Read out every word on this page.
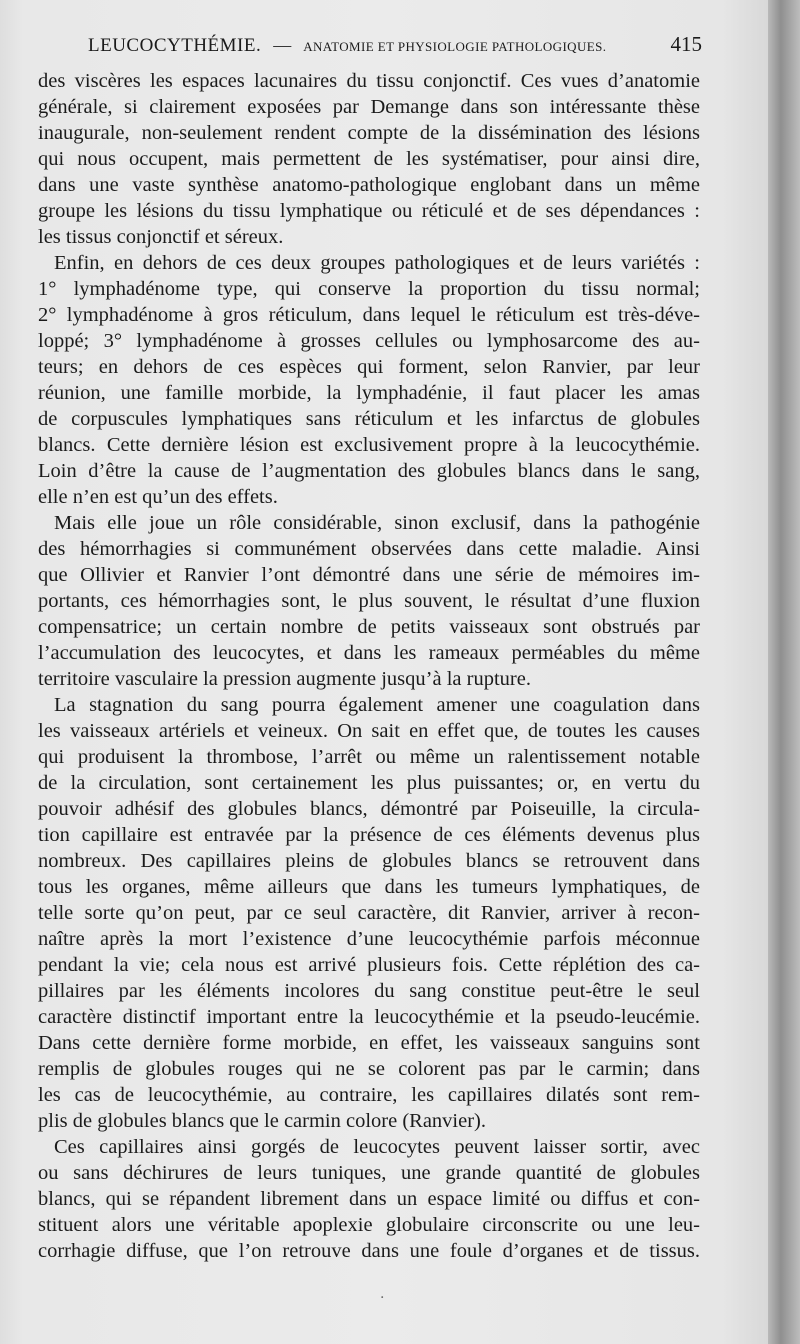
LEUCOCYTHÉMIE. — ANATOMIE ET PHYSIOLOGIE PATHOLOGIQUES.	415
des viscères les espaces lacunaires du tissu conjonctif. Ces vues d’anatomie
générale, si clairement exposées par Demange dans son intéressante thèse
inaugurale, non-seulement rendent compte de la dissémination des lésions
qui nous occupent, mais permettent de les systématiser, pour ainsi dire,
dans une vaste synthèse anatomo-pathologique englobant dans un même
groupe les lésions du tissu lymphatique ou réticulé et de ses dépendances :
les tissus conjonctif et séreux.
Enfin, en dehors de ces deux groupes pathologiques et de leurs variétés :
1° lymphadénome type, qui conserve la proportion du tissu normal;
2° lymphadénome à gros réticulum, dans lequel le réticulum est très-déve-
loppé; 3° lymphadénome à grosses cellules ou lymphosarcome des au-
teurs; en dehors de ces espèces qui forment, selon Ranvier, par leur
réunion, une famille morbide, la lymphadénie, il faut placer les amas
de corpuscules lymphatiques sans réticulum et les infarctus de globules
blancs. Cette dernière lésion est exclusivement propre à la leucocythémie.
Loin d’être la cause de l’augmentation des globules blancs dans le sang,
elle n’en est qu’un des effets.
Mais elle joue un rôle considérable, sinon exclusif, dans la pathogénie
des hémorrhagies si communément observées dans cette maladie. Ainsi
que Ollivier et Ranvier l’ont démontré dans une série de mémoires im-
portants, ces hémorrhagies sont, le plus souvent, le résultat d’une fluxion
compensatrice; un certain nombre de petits vaisseaux sont obstrués par
l’accumulation des leucocytes, et dans les rameaux perméables du même
territoire vasculaire la pression augmente jusqu’à la rupture.
La stagnation du sang pourra également amener une coagulation dans
les vaisseaux artériels et veineux. On sait en effet que, de toutes les causes
qui produisent la thrombose, l’arrêt ou même un ralentissement notable
de la circulation, sont certainement les plus puissantes; or, en vertu du
pouvoir adhésif des globules blancs, démontré par Poiseuille, la circula-
tion capillaire est entravée par la présence de ces éléments devenus plus
nombreux. Des capillaires pleins de globules blancs se retrouvent dans
tous les organes, même ailleurs que dans les tumeurs lymphatiques, de
telle sorte qu’on peut, par ce seul caractère, dit Ranvier, arriver à recon-
naître après la mort l’existence d’une leucocythémie parfois méconnue
pendant la vie; cela nous est arrivé plusieurs fois. Cette réplétion des ca-
pillaires par les éléments incolores du sang constitue peut-être le seul
caractère distinctif important entre la leucocythémie et la pseudo-leucémie.
Dans cette dernière forme morbide, en effet, les vaisseaux sanguins sont
remplis de globules rouges qui ne se colorent pas par le carmin; dans
les cas de leucocythémie, au contraire, les capillaires dilatés sont rem-
plis de globules blancs que le carmin colore (Ranvier).
Ces capillaires ainsi gorgés de leucocytes peuvent laisser sortir, avec
ou sans déchirures de leurs tuniques, une grande quantité de globules
blancs, qui se répandent librement dans un espace limité ou diffus et con-
stituent alors une véritable apoplexie globulaire circonscrite ou une leu-
corrhagie diffuse, que l’on retrouve dans une foule d’organes et de tissus.
·
